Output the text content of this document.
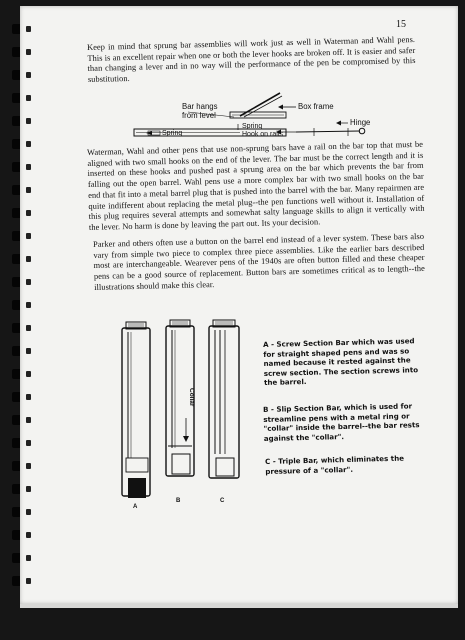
15

Keep in mind that sprung bar assemblies will work just as well in Waterman and Wahl pens. This is an excellent repair when one or both the lever hooks are broken off. It is easier and safer than changing a lever and in no way will the performance of the pen be compromised by this substitution.

Bar hangs
from level
Box frame
Hinge
Spring
Spring
Hook on rails

Waterman, Wahl and other pens that use non-sprung bars have a rail on the bar top that must be aligned with two small hooks on the end of the lever. The bar must be the correct length and it is inserted on these hooks and pushed past a sprung area on the bar which prevents the bar from falling out the open barrel. Wahl pens use a more complex bar with two small hooks on the bar end that fit into a metal barrel plug that is pushed into the barrel with the bar. Many repairmen are quite indifferent about replacing the metal plug--the pen functions well without it. Installation of this plug requires several attempts and somewhat salty language skills to align it vertically with the lever. No harm is done by leaving the part out. Its your decision.

Parker and others often use a button on the barrel end instead of a lever system. These bars also vary from simple two piece to complex three piece assemblies. Like the earlier bars described most are interchangeable. Wearever pens of the 1940s are often button filled and these cheaper pens can be a good source of replacement. Button bars are sometimes critical as to length--the illustrations should make this clear.

Collar
A
B	C

A - Screw Section Bar which was used for straight shaped pens and was so named because it rested against the screw section. The section screws into the barrel.

B - Slip Section Bar, which is used for streamline pens with a metal ring or "collar" inside the barrel--the bar rests against the "collar".

C - Triple Bar, which eliminates the pressure of a "collar".
